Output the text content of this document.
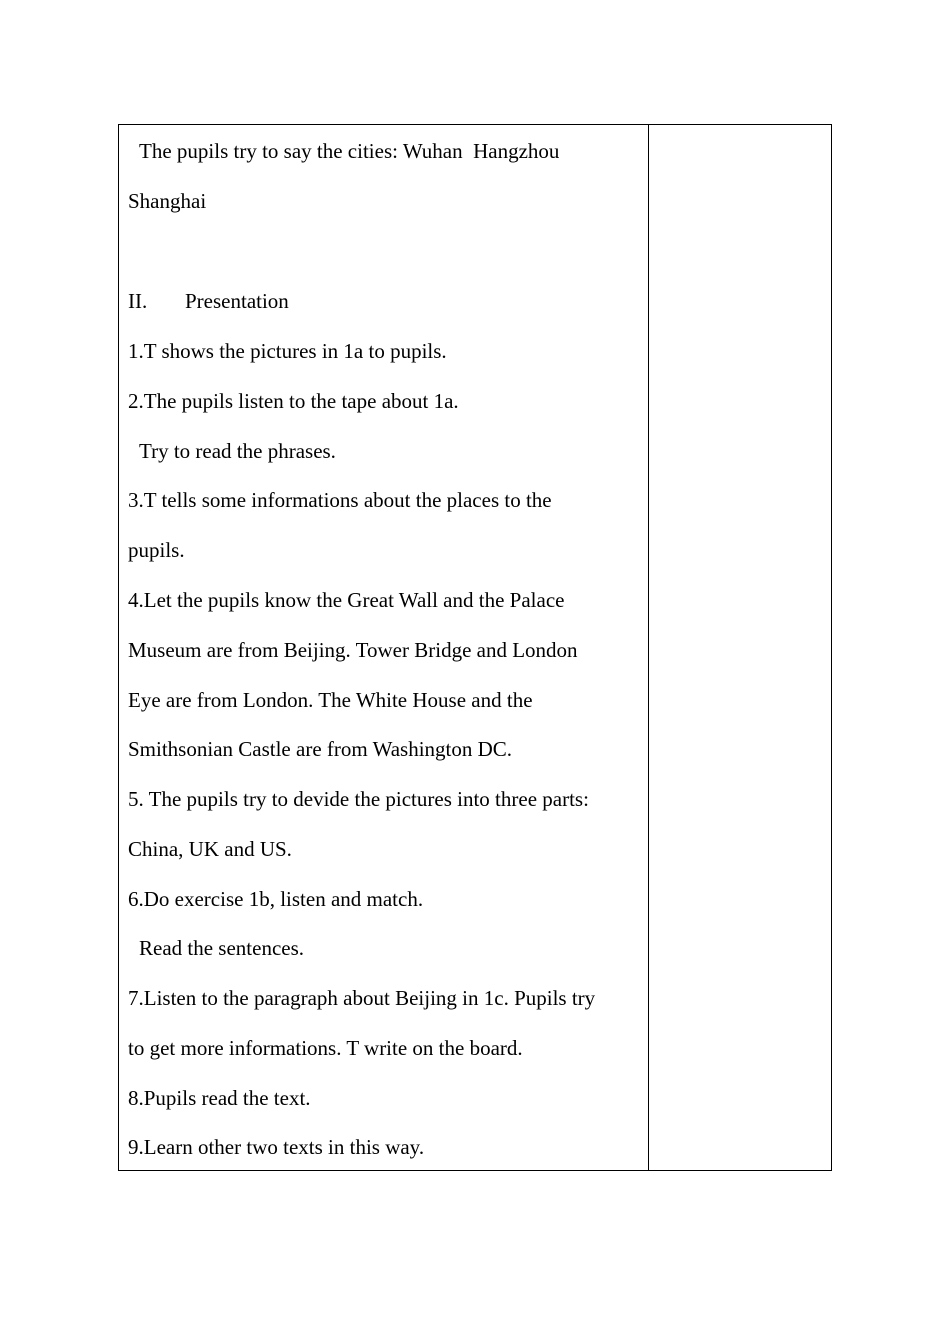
The pupils try to say the cities: Wuhan  Hangzhou
Shanghai
II. Presentation
1.T shows the pictures in 1a to pupils.
2.The pupils listen to the tape about 1a.
Try to read the phrases.
3.T tells some informations about the places to the
pupils.
4.Let the pupils know the Great Wall and the Palace
Museum are from Beijing. Tower Bridge and London
Eye are from London. The White House and the
Smithsonian Castle are from Washington DC.
5. The pupils try to devide the pictures into three parts:
China, UK and US.
6.Do exercise 1b, listen and match.
Read the sentences.
7.Listen to the paragraph about Beijing in 1c. Pupils try
to get more informations. T write on the board.
8.Pupils read the text.
9.Learn other two texts in this way.
